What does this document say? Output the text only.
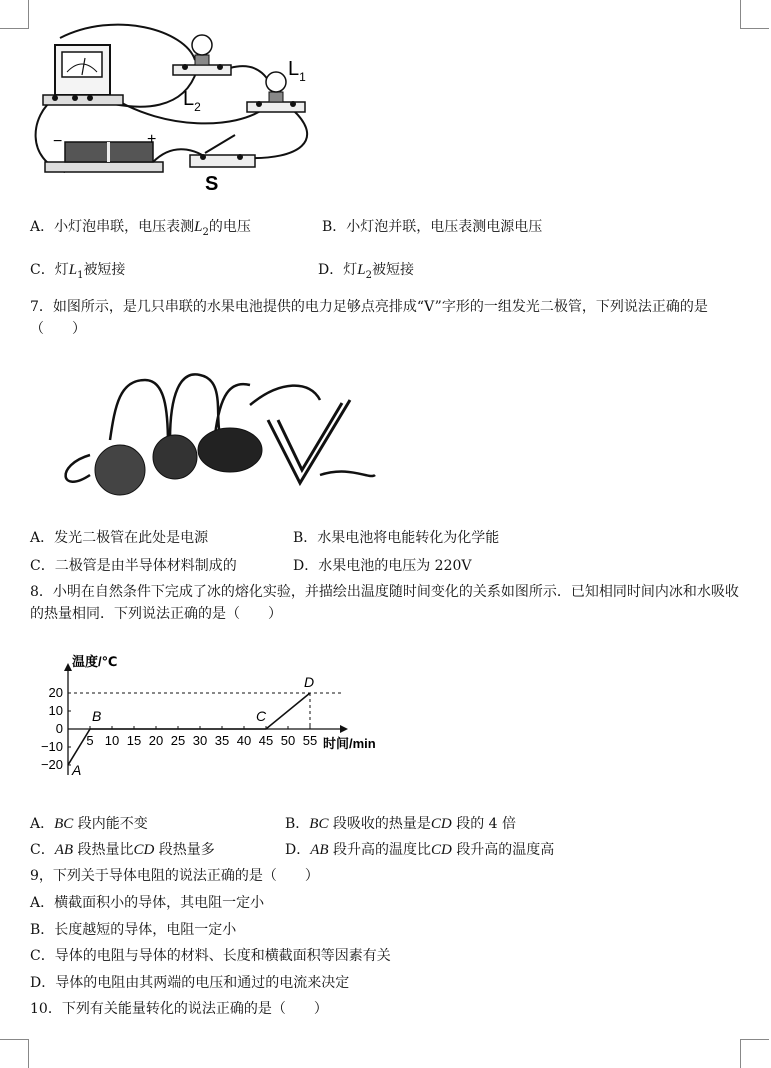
$L_2$
$L_1$
S
−	+
A．小灯泡串联，电压表测$L_2$的电压	B．小灯泡并联，电压表测电源电压
C．灯$L_1$被短接	D．灯$L_2$被短接
7．如图所示，是几只串联的水果电池提供的电力足够点亮排成“V”字形的一组发光二极管，下列说法正确的是（　　）
A．发光二极管在此处是电源	B．水果电池将电能转化为化学能
C．二极管是由半导体材料制成的	D．水果电池的电压为 220V
8．小明在自然条件下完成了冰的熔化实验，并描绘出温度随时间变化的关系如图所示．已知相同时间内冰和水吸收的热量相同．下列说法正确的是（　　）
温度/℃
时间/min
5 10 15 20 25 30 35 40 45 50 55
20
10
0
−10
−20 A
B	C
D
A．BC 段内能不变	B．BC 段吸收的热量是CD 段的 4 倍
C．AB 段热量比CD 段热量多	D．AB 段升高的温度比CD 段升高的温度高
9，下列关于导体电阻的说法正确的是（　　）
A．横截面积小的导体，其电阻一定小
B．长度越短的导体，电阻一定小
C．导体的电阻与导体的材料、长度和横截面积等因素有关
D．导体的电阻由其两端的电压和通过的电流来决定
10．下列有关能量转化的说法正确的是（　　）
